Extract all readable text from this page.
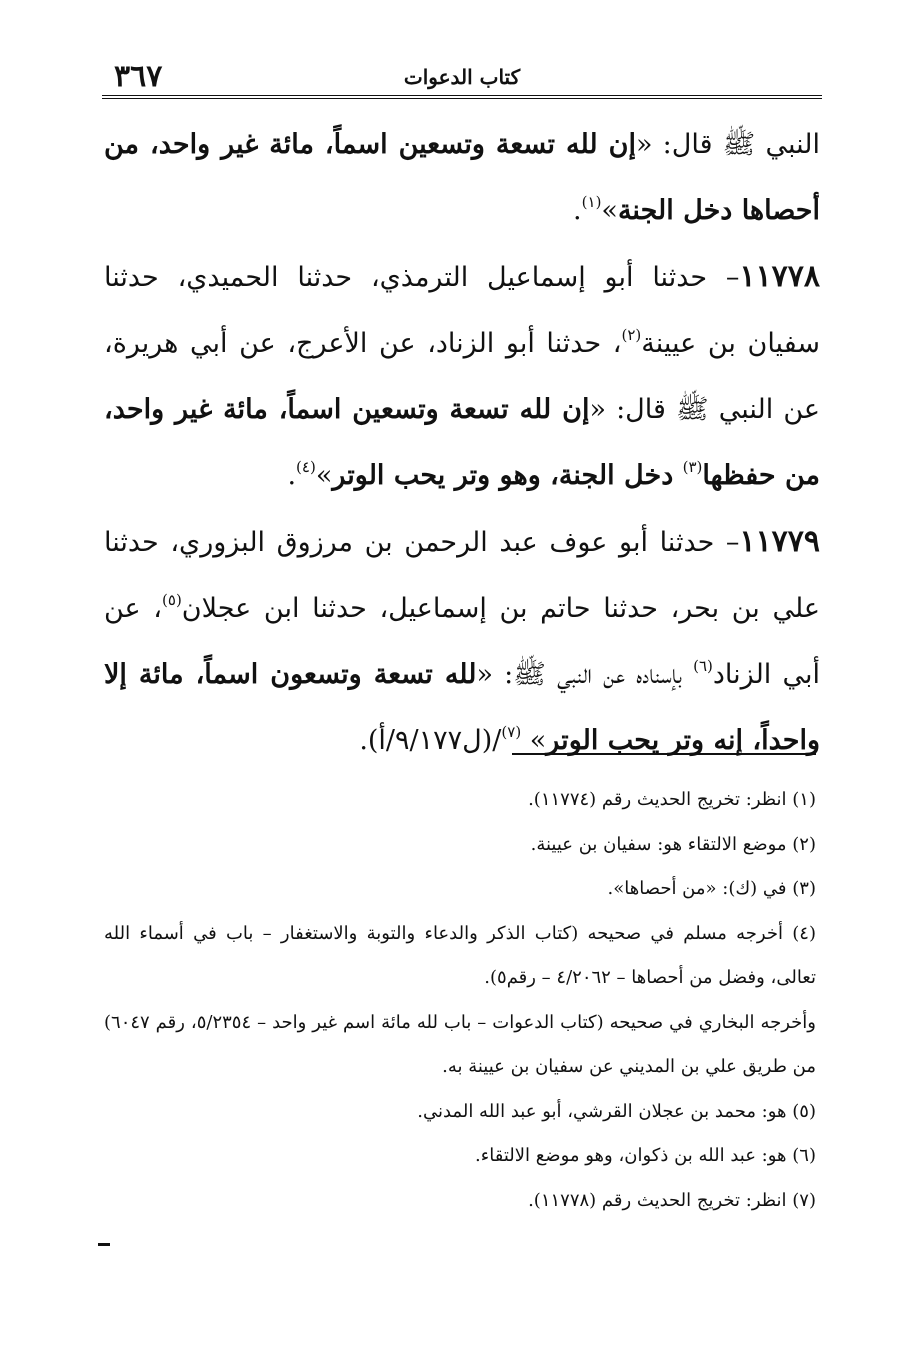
٣٦٧	كتاب الدعوات

النبي ﷺ قال: «إن لله تسعة وتسعين اسماً، مائة غير واحد، من أحصاها دخل الجنة»$^{(١)}$.

١١٧٧٨– حدثنا أبو إسماعيل الترمذي، حدثنا الحميدي، حدثنا سفيان بن عيينة$^{(٢)}$، حدثنا أبو الزناد، عن الأعرج، عن أبي هريرة، عن النبي ﷺ قال: «إن لله تسعة وتسعين اسماً، مائة غير واحد، من حفظها$^{(٣)}$ دخل الجنة، وهو وتر يحب الوتر»$^{(٤)}$.

١١٧٧٩– حدثنا أبو عوف عبد الرحمن بن مرزوق البزوري، حدثنا علي بن بحر، حدثنا حاتم بن إسماعيل، حدثنا ابن عجلان$^{(٥)}$، عن أبي الزناد$^{(٦)}$ بإسناده عن النبي ﷺ: «لله تسعة وتسعون اسماً، مائة إلا واحداً، إنه وتر يحب الوتر» $^{(٧)}$/(ل٩/١٧٧/أ).

(١) انظر: تخريج الحديث رقم (١١٧٧٤).

(٢) موضع الالتقاء هو: سفيان بن عيينة.

(٣) في (ك): «من أحصاها».

(٤) أخرجه مسلم في صحيحه (كتاب الذكر والدعاء والتوبة والاستغفار – باب في أسماء الله تعالى، وفضل من أحصاها – ٤/٢٠٦٢ – رقم٥).

وأخرجه البخاري في صحيحه (كتاب الدعوات – باب لله مائة اسم غير واحد – ٥/٢٣٥٤، رقم ٦٠٤٧) من طريق علي بن المديني عن سفيان بن عيينة به.

(٥) هو: محمد بن عجلان القرشي، أبو عبد الله المدني.

(٦) هو: عبد الله بن ذكوان، وهو موضع الالتقاء.

(٧) انظر: تخريج الحديث رقم (١١٧٧٨).
